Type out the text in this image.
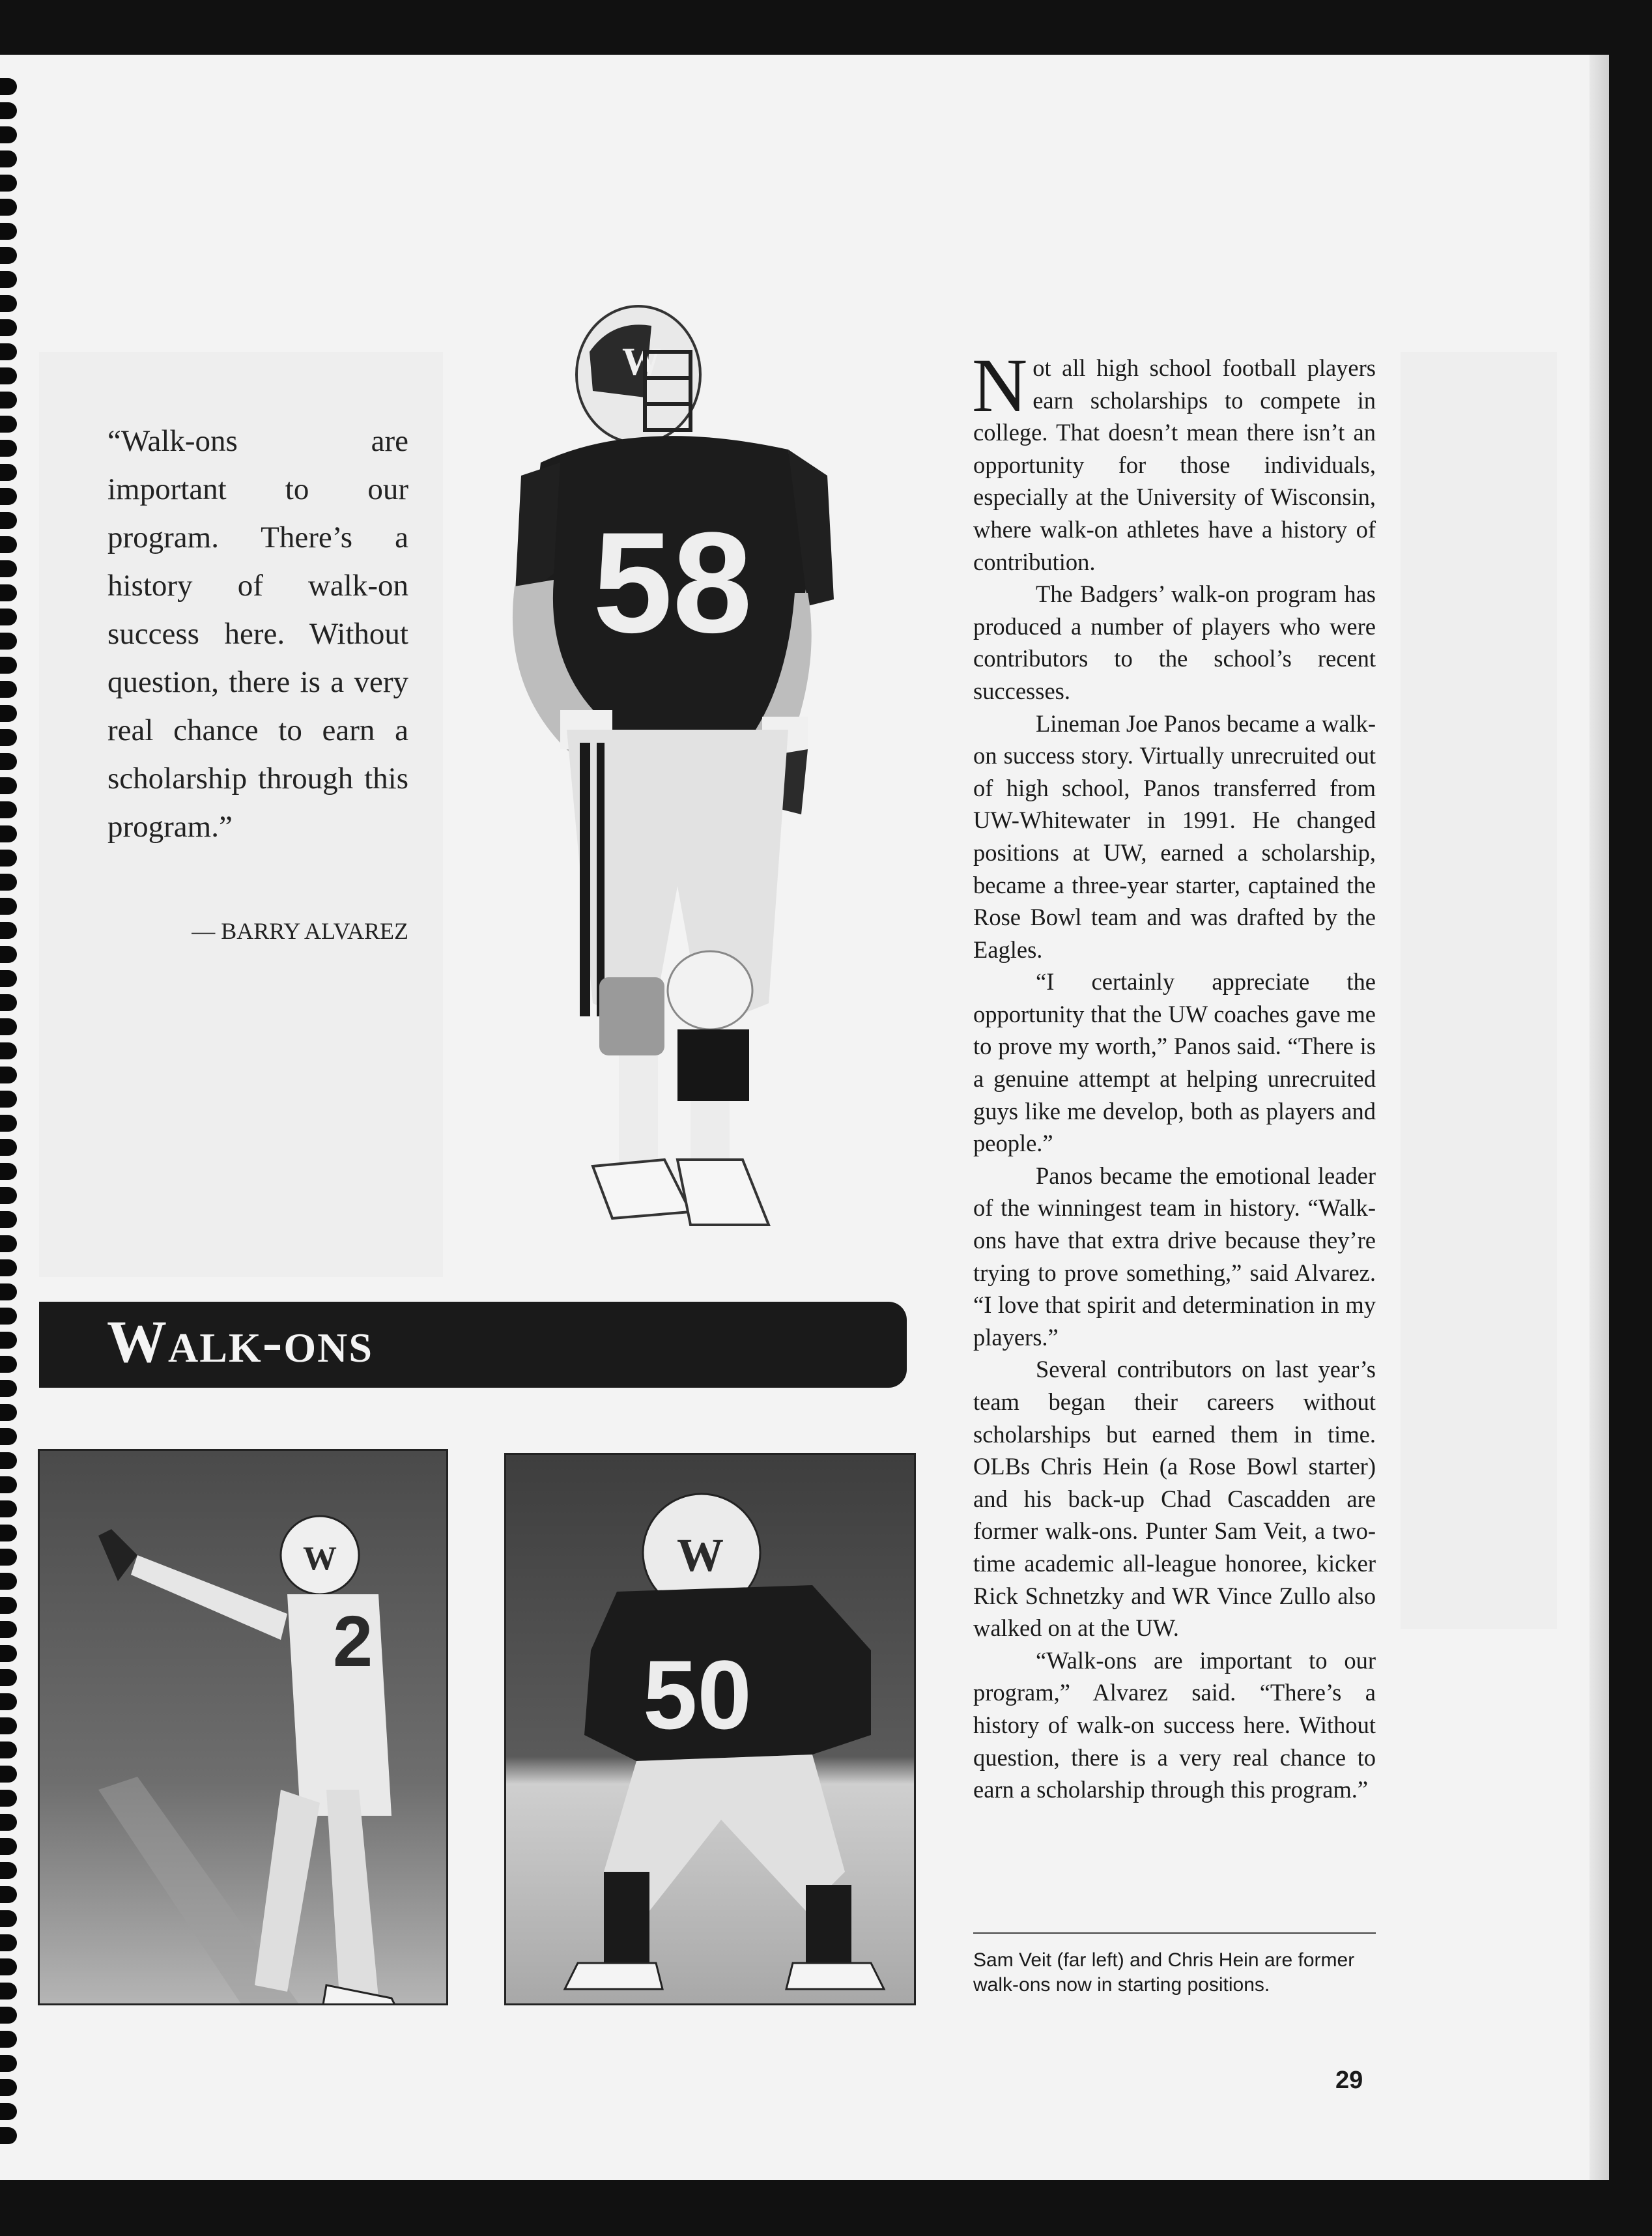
“Walk-ons are important to our program. There’s a history of walk-on success here. Without question, there is a very real chance to earn a scholarship through this program.”
— BARRY ALVAREZ
W
58
Walk-ons
W
2
W
50

Not all high school football players earn scholarships to compete in college. That doesn’t mean there isn’t an opportunity for those individuals, especially at the University of Wisconsin, where walk-on athletes have a history of contribution.

The Badgers’ walk-on program has produced a number of players who were contributors to the school’s recent successes.

Lineman Joe Panos became a walk-on success story. Virtually unrecruited out of high school, Panos transferred from UW-Whitewater in 1991. He changed positions at UW, earned a scholarship, became a three-year starter, captained the Rose Bowl team and was drafted by the Eagles.

“I certainly appreciate the opportunity that the UW coaches gave me to prove my worth,” Panos said. “There is a genuine attempt at helping unrecruited guys like me develop, both as players and people.”

Panos became the emotional leader of the winningest team in history. “Walk-ons have that extra drive because they’re trying to prove something,” said Alvarez. “I love that spirit and determination in my players.”

Several contributors on last year’s team began their careers without scholarships but earned them in time. OLBs Chris Hein (a Rose Bowl starter) and his back-up Chad Cascadden are former walk-ons. Punter Sam Veit, a two-time academic all-league honoree, kicker Rick Schnetzky and WR Vince Zullo also walked on at the UW.

“Walk-ons are important to our program,” Alvarez said. “There’s a history of walk-on success here. Without question, there is a very real chance to earn a scholarship through this program.”

Sam Veit (far left) and Chris Hein are former walk-ons now in starting positions.
29
